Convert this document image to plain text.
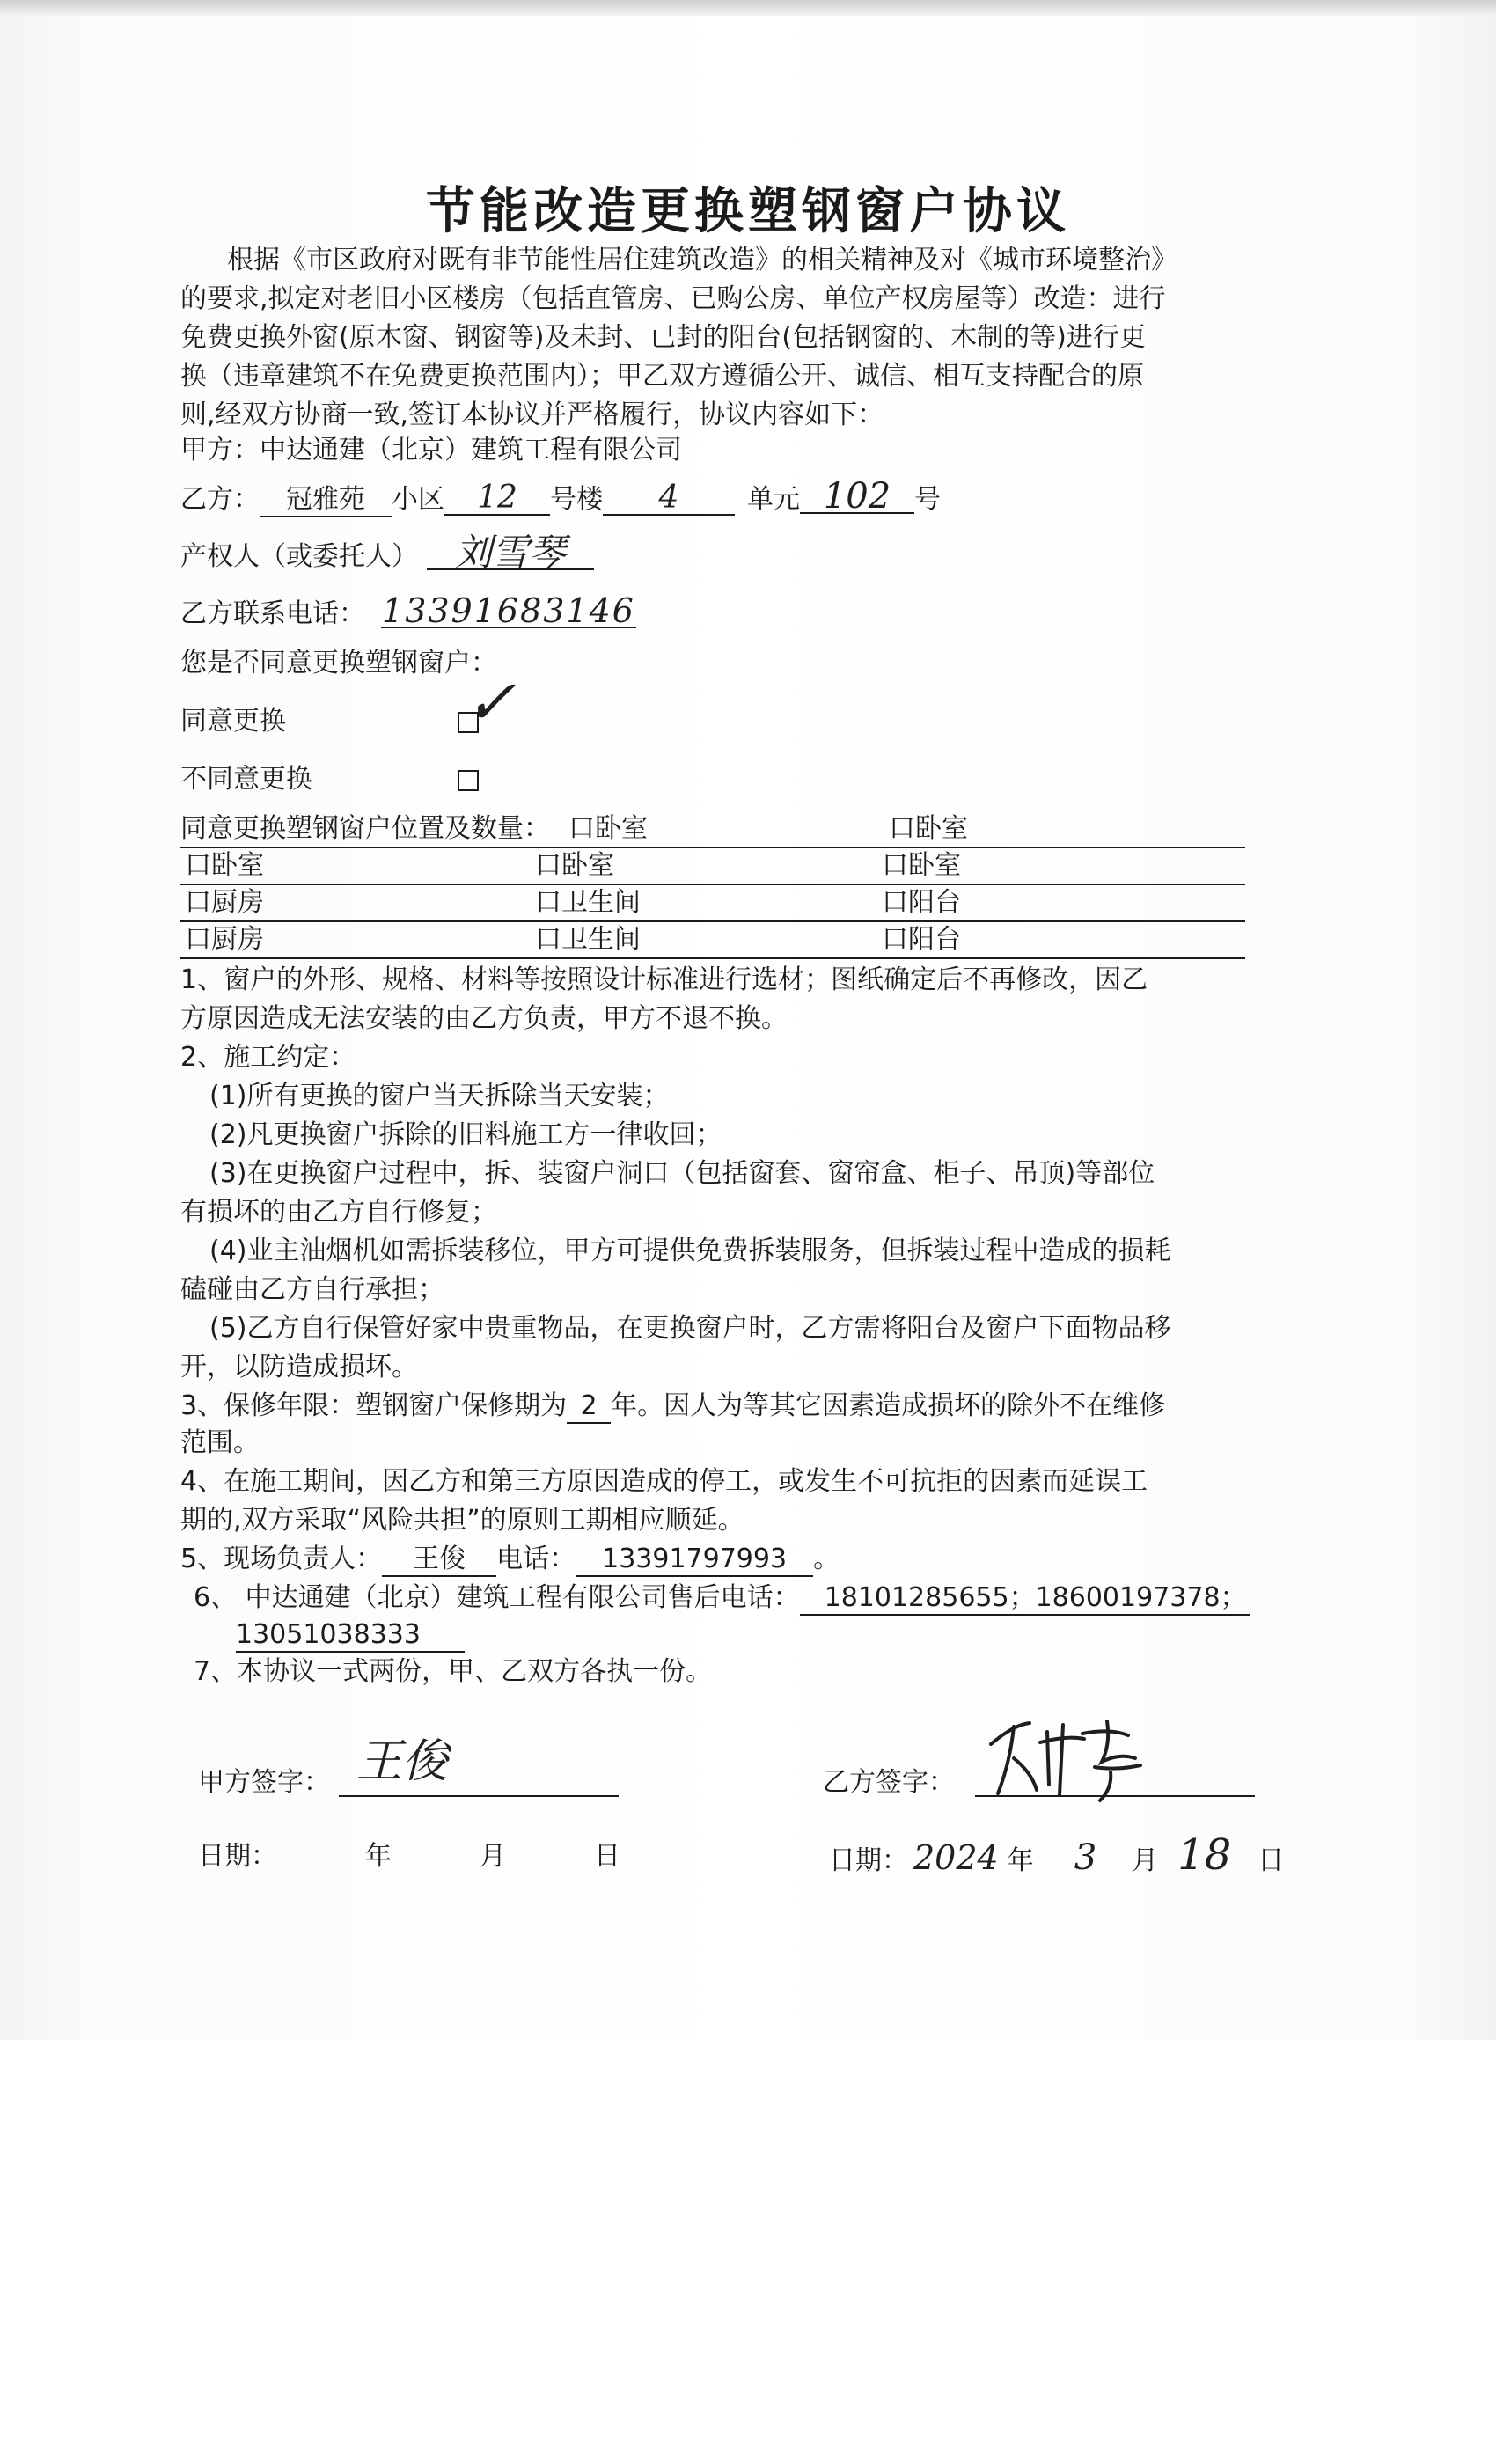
节能改造更换塑钢窗户协议
根据《市区政府对既有非节能性居住建筑改造》的相关精神及对《城市环境整治》
的要求,拟定对老旧小区楼房（包括直管房、已购公房、单位产权房屋等）改造：进行
免费更换外窗(原木窗、钢窗等)及未封、已封的阳台(包括钢窗的、木制的等)进行更
换（违章建筑不在免费更换范围内）；甲乙双方遵循公开、诚信、相互支持配合的原
则,经双方协商一致,签订本协议并严格履行，协议内容如下：
甲方：中达通建（北京）建筑工程有限公司
乙方： 冠雅苑 小区 12 号楼 4	单元 102 号
产权人（或委托人） 刘雪琴
乙方联系电话： 13391683146
您是否同意更换塑钢窗户：
同意更换	✓
不同意更换
同意更换塑钢窗户位置及数量： 口卧室	口卧室
口卧室	口卧室	口卧室
口厨房	口卫生间	口阳台
口厨房	口卫生间	口阳台
1、窗户的外形、规格、材料等按照设计标准进行选材；图纸确定后不再修改，因乙
方原因造成无法安装的由乙方负责，甲方不退不换。
2、施工约定：
(1)所有更换的窗户当天拆除当天安装；
(2)凡更换窗户拆除的旧料施工方一律收回；
(3)在更换窗户过程中，拆、装窗户洞口（包括窗套、窗帘盒、柜子、吊顶)等部位
有损坏的由乙方自行修复；
(4)业主油烟机如需拆装移位，甲方可提供免费拆装服务，但拆装过程中造成的损耗
磕碰由乙方自行承担；
(5)乙方自行保管好家中贵重物品，在更换窗户时，乙方需将阳台及窗户下面物品移
开，以防造成损坏。
3、保修年限：塑钢窗户保修期为 2 年。因人为等其它因素造成损坏的除外不在维修
范围。
4、在施工期间，因乙方和第三方原因造成的停工，或发生不可抗拒的因素而延误工
期的,双方采取“风险共担”的原则工期相应顺延。
5、现场负责人： 王俊 电话： 13391797993 。
6、 中达通建（北京）建筑工程有限公司售后电话： 18101285655；18600197378；
13051038333
7、本协议一式两份，甲、乙双方各执一份。
甲方签字： 王俊	乙方签字：
日期：	年	月	日	日期： 2024 年 3 月 18 日
